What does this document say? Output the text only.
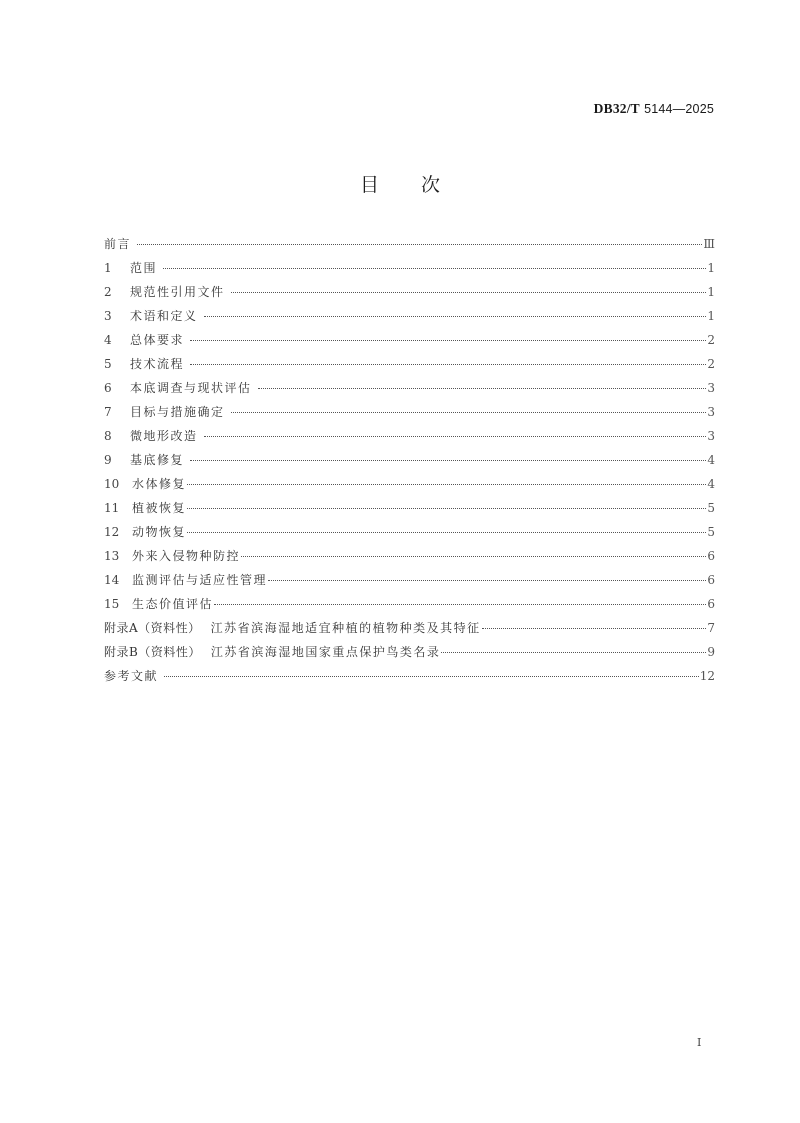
DB32/T 5144—2025
目 次
前言	Ⅲ
1	范围	1
2	规范性引用文件	1
3	术语和定义	1
4	总体要求	2
5	技术流程	2
6	本底调查与现状评估	3
7	目标与措施确定	3
8	微地形改造	3
9	基底修复	4
10 水体修复	4
11 植被恢复	5
12 动物恢复	5
13 外来入侵物种防控	6
14 监测评估与适应性管理	6
15 生态价值评估	6
附录A（资料性） 江苏省滨海湿地适宜种植的植物种类及其特征	7
附录B（资料性） 江苏省滨海湿地国家重点保护鸟类名录	9
参考文献	12
I
